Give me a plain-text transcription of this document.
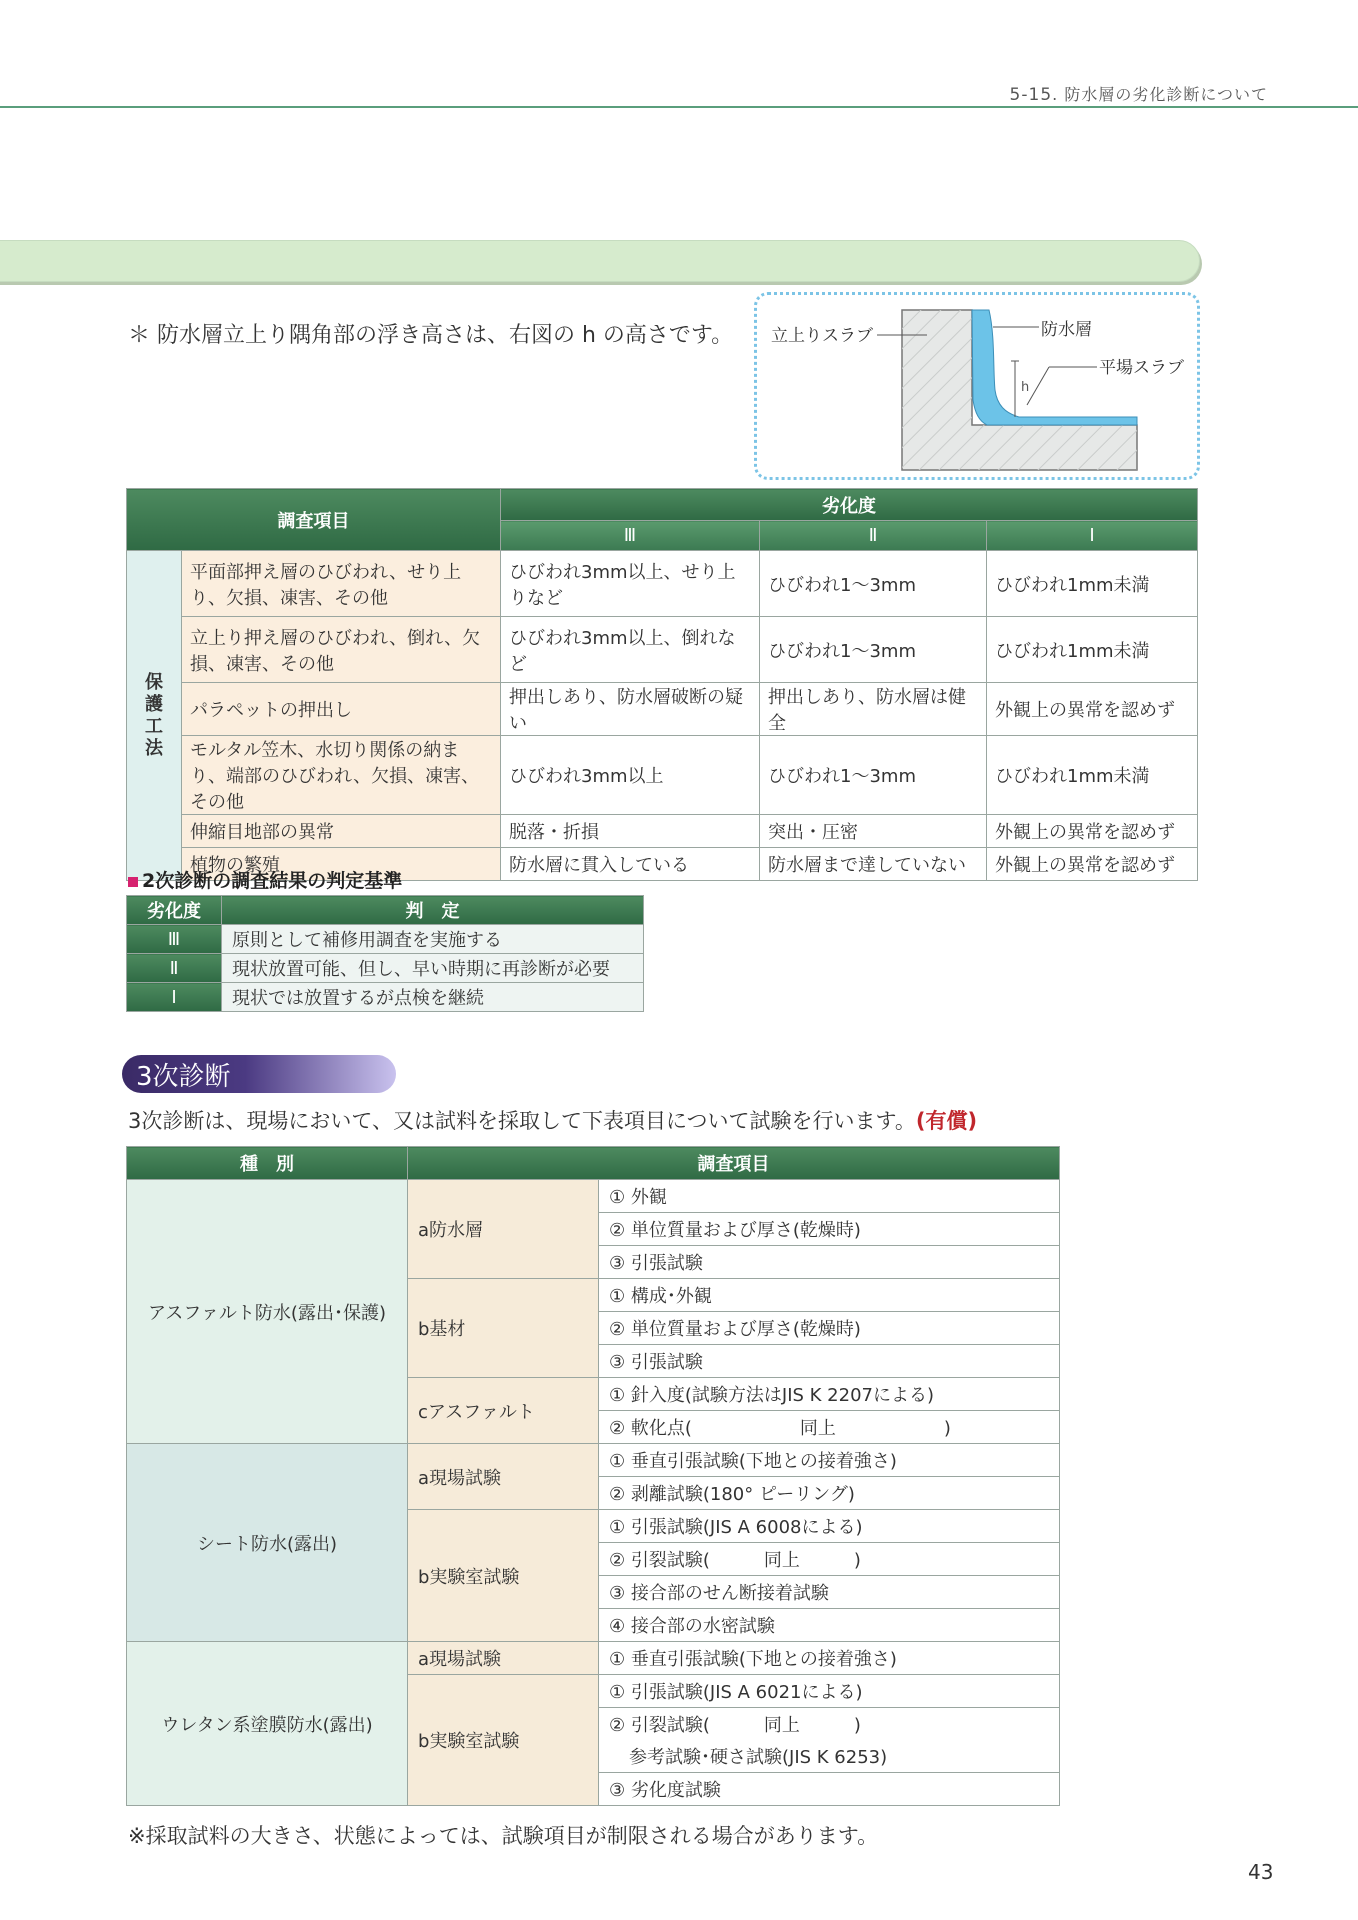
5-15. 防水層の劣化診断について
＊ 防水層立上り隅角部の浮き高さは、右図の h の高さです。
h
立上りスラブ	防水層
平場スラブ
調査項目		劣化度		
		Ⅲ	Ⅱ	Ⅰ

保護工法	平面部押え層のひびわれ、せり上り、欠損、凍害、その他	ひびわれ3mm以上、せり上りなど	ひびわれ1〜3mm	ひびわれ1mm未満
	立上り押え層のひびわれ、倒れ、欠損、凍害、その他	ひびわれ3mm以上、倒れなど	ひびわれ1〜3mm	ひびわれ1mm未満
	パラペットの押出し	押出しあり、防水層破断の疑い	押出しあり、防水層は健全	外観上の異常を認めず
	モルタル笠木、水切り関係の納まり、端部のひびわれ、欠損、凍害、その他	ひびわれ3mm以上	ひびわれ1〜3mm	ひびわれ1mm未満
	伸縮目地部の異常	脱落・折損	突出・圧密	外観上の異常を認めず
	植物の繁殖	防水層に貫入している	防水層まで達していない	外観上の異常を認めず
2次診断の調査結果の判定基準
劣化度	判　定
Ⅲ	原則として補修用調査を実施する
Ⅱ	現状放置可能、但し、早い時期に再診断が必要
Ⅰ	現状では放置するが点検を継続
3次診断
3次診断は、現場において、又は試料を採取して下表項目について試験を行います。(有償)
種　別	調査項目	
アスファルト防水(露出･保護)	a防水層	① 外観
		② 単位質量および厚さ(乾燥時)
		③ 引張試験
	b基材	① 構成･外観
		② 単位質量および厚さ(乾燥時)
		③ 引張試験
	cアスファルト	① 針入度(試験方法はJIS K 2207による)
		② 軟化点(　　　　　　同上　　　　　　)
シート防水(露出)	a現場試験	① 垂直引張試験(下地との接着強さ)
		② 剥離試験(180° ピーリング)
	b実験室試験	① 引張試験(JIS A 6008による)
		② 引裂試験(　　　同上　　　)
		③ 接合部のせん断接着試験
		④ 接合部の水密試験
ウレタン系塗膜防水(露出)	a現場試験	① 垂直引張試験(下地との接着強さ)
	b実験室試験	① 引張試験(JIS A 6021による)
		② 引裂試験(　　　同上　　　)
		参考試験･硬さ試験(JIS K 6253)
		③ 劣化度試験
※採取試料の大きさ、状態によっては、試験項目が制限される場合があります。
43
